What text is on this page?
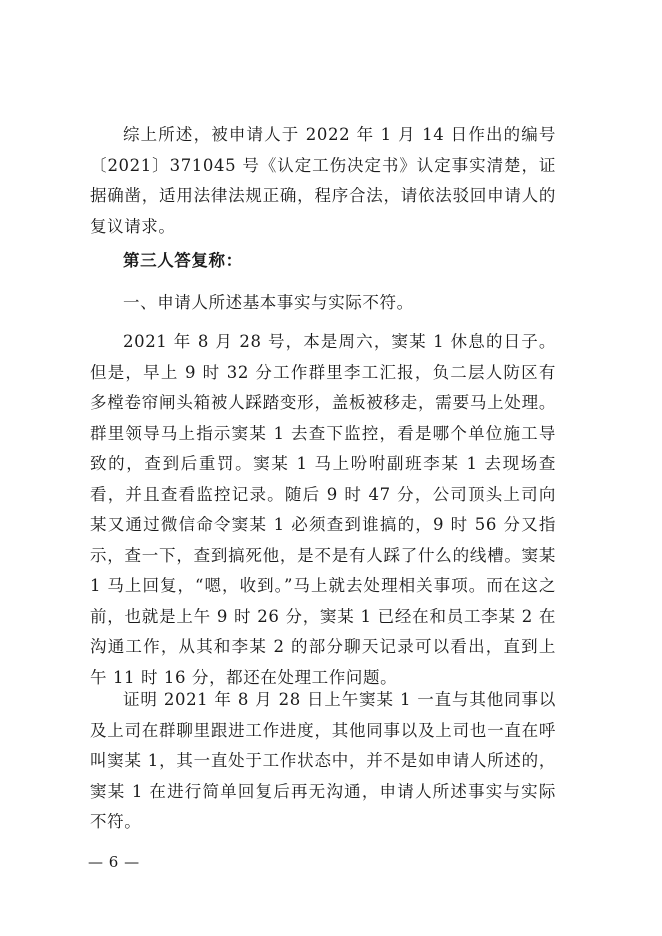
综上所述，被申请人于 2022 年 1 月 14 日作出的编号〔2021〕371045 号《认定工伤决定书》认定事实清楚，证据确凿，适用法律法规正确，程序合法，请依法驳回申请人的复议请求。

第三人答复称：

一、申请人所述基本事实与实际不符。

2021 年 8 月 28 号，本是周六，窦某 1 休息的日子。但是，早上 9 时 32 分工作群里李工汇报，负二层人防区有多樘卷帘闸头箱被人踩踏变形，盖板被移走，需要马上处理。群里领导马上指示窦某 1 去查下监控，看是哪个单位施工导致的，查到后重罚。窦某 1 马上吩咐副班李某 1 去现场查看，并且查看监控记录。随后 9 时 47 分，公司顶头上司向某又通过微信命令窦某 1 必须查到谁搞的，9 时 56 分又指示，查一下，查到搞死他，是不是有人踩了什么的线槽。窦某 1 马上回复，“嗯，收到。”马上就去处理相关事项。而在这之前，也就是上午 9 时 26 分，窦某 1 已经在和员工李某 2 在沟通工作，从其和李某 2 的部分聊天记录可以看出，直到上午 11 时 16 分，都还在处理工作问题。

证明 2021 年 8 月 28 日上午窦某 1 一直与其他同事以及上司在群聊里跟进工作进度，其他同事以及上司也一直在呼叫窦某 1，其一直处于工作状态中，并不是如申请人所述的，窦某 1 在进行简单回复后再无沟通，申请人所述事实与实际不符。

— 6 —
